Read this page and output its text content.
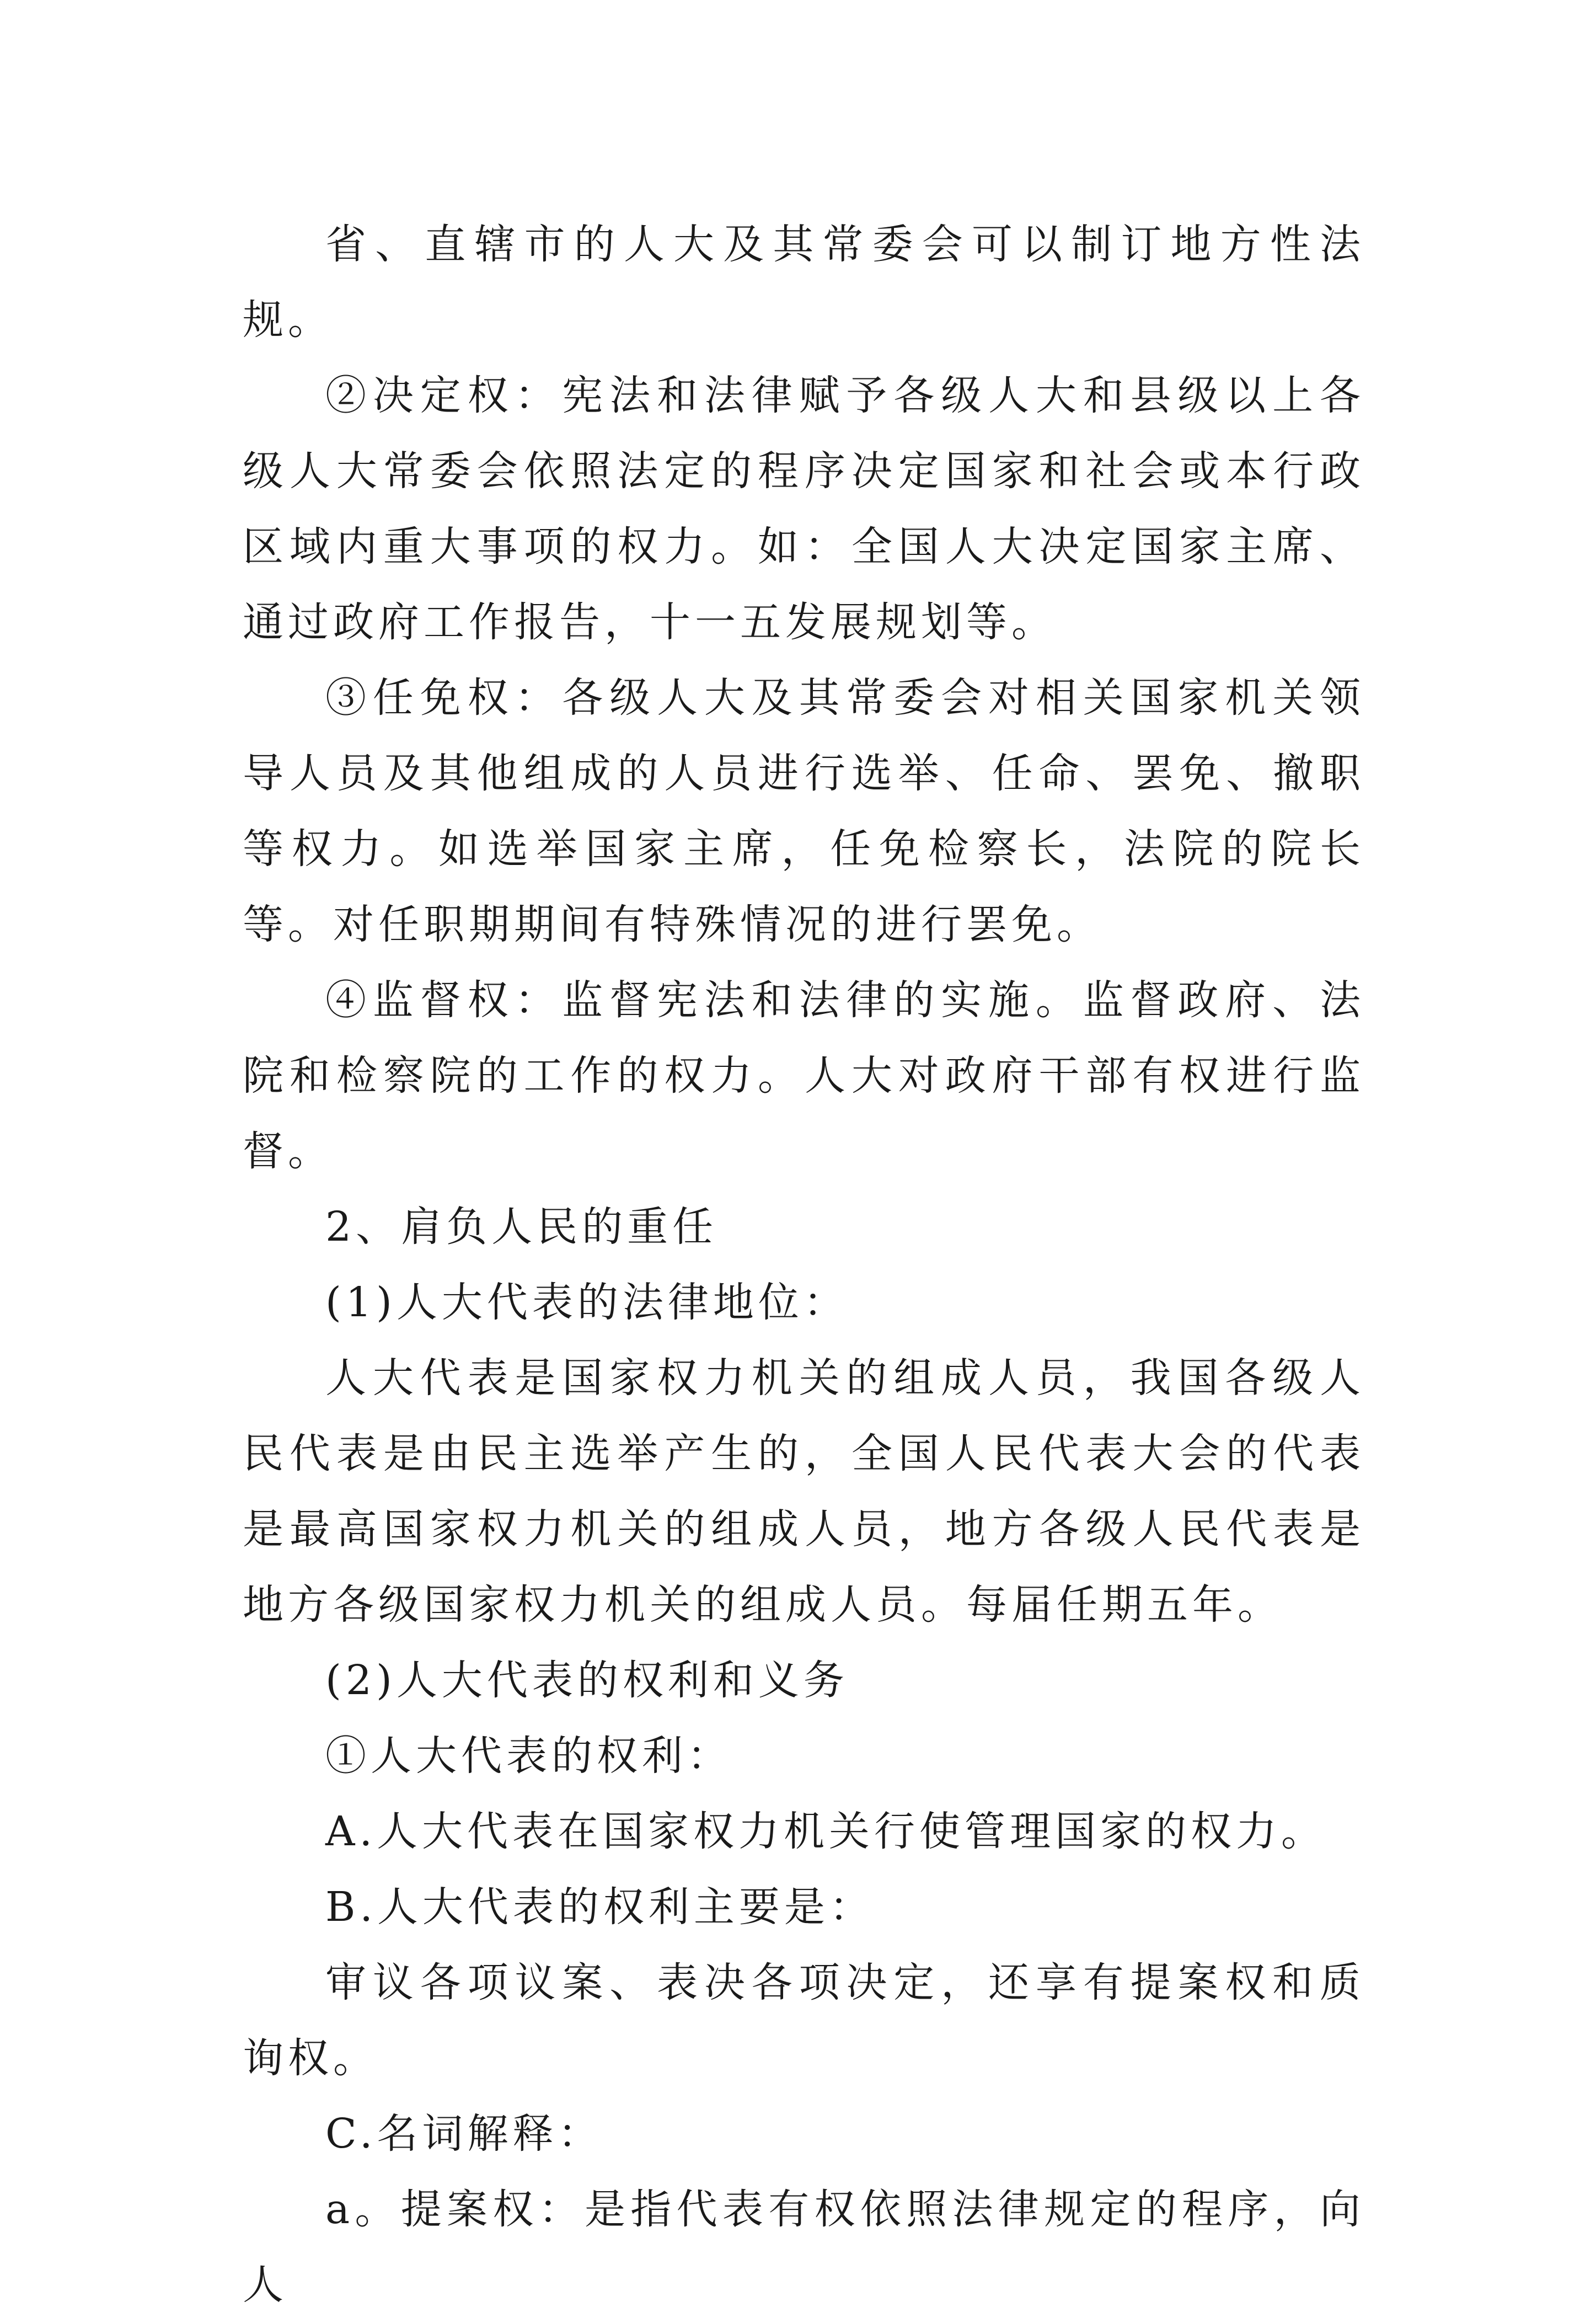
省、直辖市的人大及其常委会可以制订地方性法规。

②决定权：宪法和法律赋予各级人大和县级以上各级人大常委会依照法定的程序决定国家和社会或本行政区域内重大事项的权力。如：全国人大决定国家主席、通过政府工作报告，十一五发展规划等。

③任免权：各级人大及其常委会对相关国家机关领导人员及其他组成的人员进行选举、任命、罢免、撤职等权力。如选举国家主席，任免检察长，法院的院长等。对任职期期间有特殊情况的进行罢免。

④监督权：监督宪法和法律的实施。监督政府、法院和检察院的工作的权力。人大对政府干部有权进行监督。

2、肩负人民的重任

(1)人大代表的法律地位：

人大代表是国家权力机关的组成人员，我国各级人民代表是由民主选举产生的，全国人民代表大会的代表是最高国家权力机关的组成人员，地方各级人民代表是地方各级国家权力机关的组成人员。每届任期五年。

(2)人大代表的权利和义务

①人大代表的权利：

A.人大代表在国家权力机关行使管理国家的权力。

B.人大代表的权利主要是：

审议各项议案、表决各项决定，还享有提案权和质询权。

C.名词解释：

a。提案权：是指代表有权依照法律规定的程序，向人
